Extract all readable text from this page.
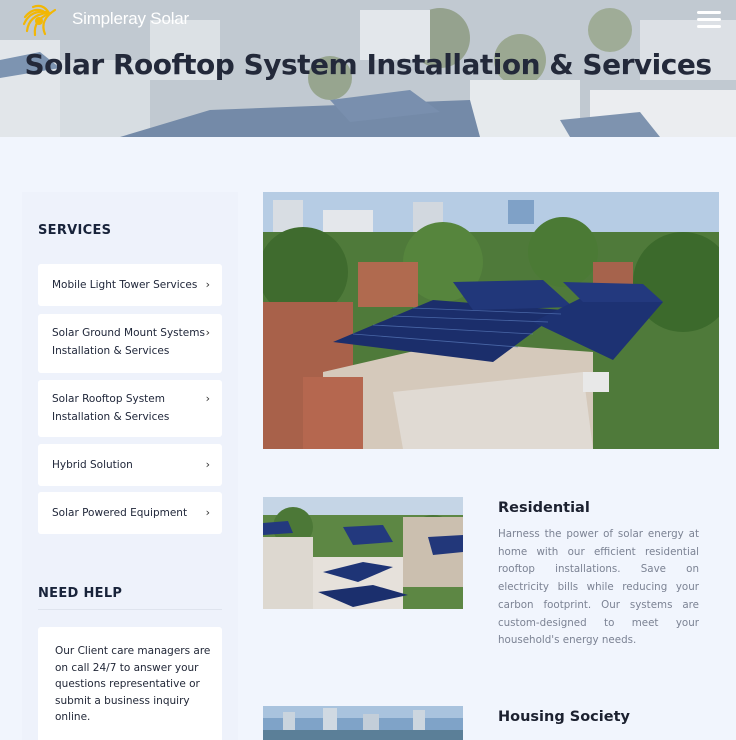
Simpleray Solar
Solar Rooftop System Installation & Services
SERVICES
Mobile Light Tower Services ›
Solar Ground Mount Systems
Installation & Services
›
Solar Rooftop System
Installation & Services
›
Hybrid Solution	›
Solar Powered Equipment ›
NEED HELP

Our Client care managers are
on call 24/7 to answer your
questions representative or
submit a business inquiry
online.

Residential
Harness the power of solar energy at
home with our efficient residential
rooftop installations. Save on
electricity bills while reducing your
carbon footprint. Our systems are
custom-designed to meet your
household's energy needs.
Housing Society
